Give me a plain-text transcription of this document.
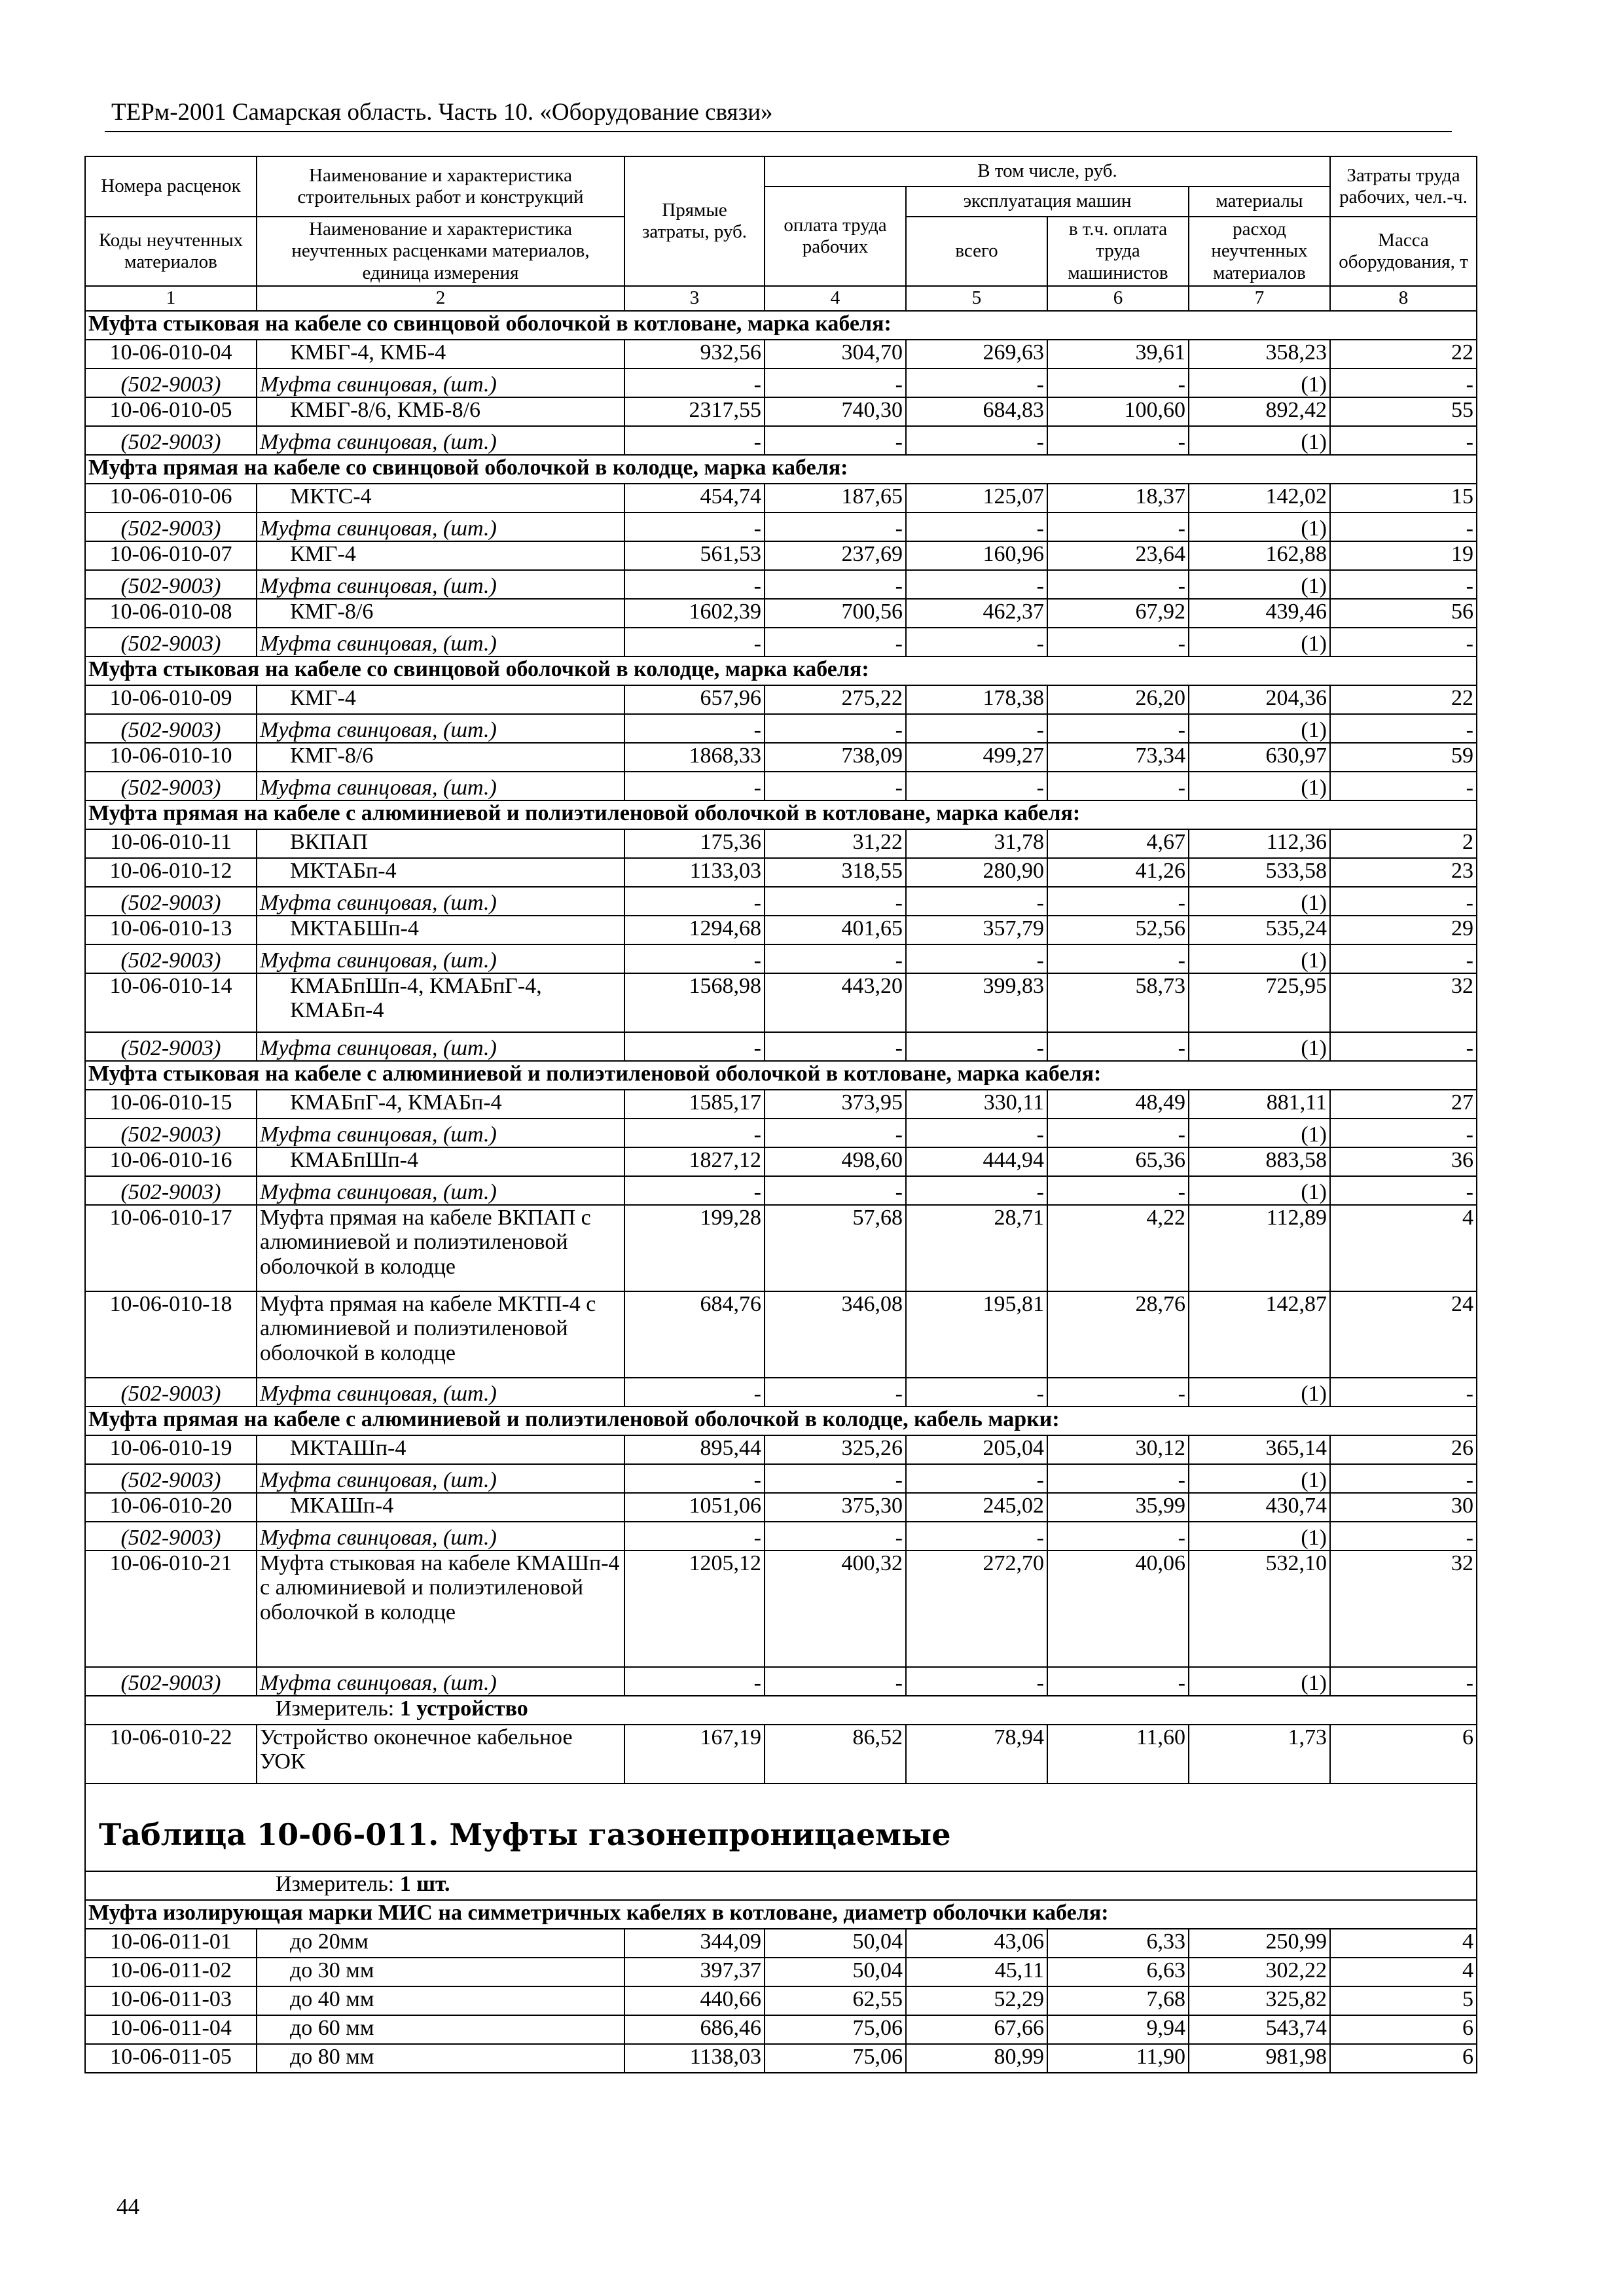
ТЕРм-2001 Самарская область. Часть 10. «Оборудование связи»
Номера расценок	Наименование и характеристика строительных работ и конструкций	Прямые затраты, руб.	В том числе, руб.				Затраты труда рабочих, чел.-ч.
			оплата труда рабочих	эксплуатация машин		материалы	
Коды неучтенных материалов	Наименование и характеристика неучтенных расценками материалов, единица измерения			всего	в т.ч. оплата труда машинистов	расход неучтенных материалов	
							Масса оборудования, т
1	2	3	4	5	6	7	8
Муфта стыковая на кабеле со свинцовой оболочкой в котловане, марка кабеля:							
10-06-010-04	КМБГ-4, КМБ-4	932,56	304,70	269,63	39,61	358,23	22
(502-9003)	Муфта свинцовая, (шт.)	-	-	-	-	(1)	-
10-06-010-05	КМБГ-8/6, КМБ-8/6	2317,55	740,30	684,83	100,60	892,42	55
(502-9003)	Муфта свинцовая, (шт.)	-	-	-	-	(1)	-
Муфта прямая на кабеле со свинцовой оболочкой в колодце, марка кабеля:							
10-06-010-06	МКТС-4	454,74	187,65	125,07	18,37	142,02	15
(502-9003)	Муфта свинцовая, (шт.)	-	-	-	-	(1)	-
10-06-010-07	КМГ-4	561,53	237,69	160,96	23,64	162,88	19
(502-9003)	Муфта свинцовая, (шт.)	-	-	-	-	(1)	-
10-06-010-08	КМГ-8/6	1602,39	700,56	462,37	67,92	439,46	56
(502-9003)	Муфта свинцовая, (шт.)	-	-	-	-	(1)	-
Муфта стыковая на кабеле со свинцовой оболочкой в колодце, марка кабеля:							
10-06-010-09	КМГ-4	657,96	275,22	178,38	26,20	204,36	22
(502-9003)	Муфта свинцовая, (шт.)	-	-	-	-	(1)	-
10-06-010-10	КМГ-8/6	1868,33	738,09	499,27	73,34	630,97	59
(502-9003)	Муфта свинцовая, (шт.)	-	-	-	-	(1)	-
Муфта прямая на кабеле с алюминиевой и полиэтиленовой оболочкой в котловане, марка кабеля:							
10-06-010-11	ВКПАП	175,36	31,22	31,78	4,67	112,36	2
10-06-010-12	МКТАБп-4	1133,03	318,55	280,90	41,26	533,58	23
(502-9003)	Муфта свинцовая, (шт.)	-	-	-	-	(1)	-
10-06-010-13	МКТАБШп-4	1294,68	401,65	357,79	52,56	535,24	29
(502-9003)	Муфта свинцовая, (шт.)	-	-	-	-	(1)	-
10-06-010-14	КМАБпШп-4, КМАБпГ-4, КМАБп-4	1568,98	443,20	399,83	58,73	725,95	32
(502-9003)	Муфта свинцовая, (шт.)	-	-	-	-	(1)	-
Муфта стыковая на кабеле с алюминиевой и полиэтиленовой оболочкой в котловане, марка кабеля:							
10-06-010-15	КМАБпГ-4, КМАБп-4	1585,17	373,95	330,11	48,49	881,11	27
(502-9003)	Муфта свинцовая, (шт.)	-	-	-	-	(1)	-
10-06-010-16	КМАБпШп-4	1827,12	498,60	444,94	65,36	883,58	36
(502-9003)	Муфта свинцовая, (шт.)	-	-	-	-	(1)	-
10-06-010-17	Муфта прямая на кабеле ВКПАП с алюминиевой и полиэтиленовой оболочкой в колодце	199,28	57,68	28,71	4,22	112,89	4
10-06-010-18	Муфта прямая на кабеле МКТП-4 с алюминиевой и полиэтиленовой оболочкой в колодце	684,76	346,08	195,81	28,76	142,87	24
(502-9003)	Муфта свинцовая, (шт.)	-	-	-	-	(1)	-
Муфта прямая на кабеле с алюминиевой и полиэтиленовой оболочкой в колодце, кабель марки:							
10-06-010-19	МКТАШп-4	895,44	325,26	205,04	30,12	365,14	26
(502-9003)	Муфта свинцовая, (шт.)	-	-	-	-	(1)	-
10-06-010-20	МКАШп-4	1051,06	375,30	245,02	35,99	430,74	30
(502-9003)	Муфта свинцовая, (шт.)	-	-	-	-	(1)	-
10-06-010-21	Муфта стыковая на кабеле КМАШп-4 с алюминиевой и полиэтиленовой оболочкой в колодце	1205,12	400,32	272,70	40,06	532,10	32
(502-9003)	Муфта свинцовая, (шт.)	-	-	-	-	(1)	-
Измеритель: 1 устройство							
10-06-010-22	Устройство оконечное кабельное УОК	167,19	86,52	78,94	11,60	1,73	6

Таблица 10-06-011. Муфты газонепроницаемые							
Измеритель: 1 шт.							
Муфта изолирующая марки МИС на симметричных кабелях в котловане, диаметр оболочки кабеля:							
10-06-011-01	до 20мм	344,09	50,04	43,06	6,33	250,99	4
10-06-011-02	до 30 мм	397,37	50,04	45,11	6,63	302,22	4
10-06-011-03	до 40 мм	440,66	62,55	52,29	7,68	325,82	5
10-06-011-04	до 60 мм	686,46	75,06	67,66	9,94	543,74	6
10-06-011-05	до 80 мм	1138,03	75,06	80,99	11,90	981,98	6
44
